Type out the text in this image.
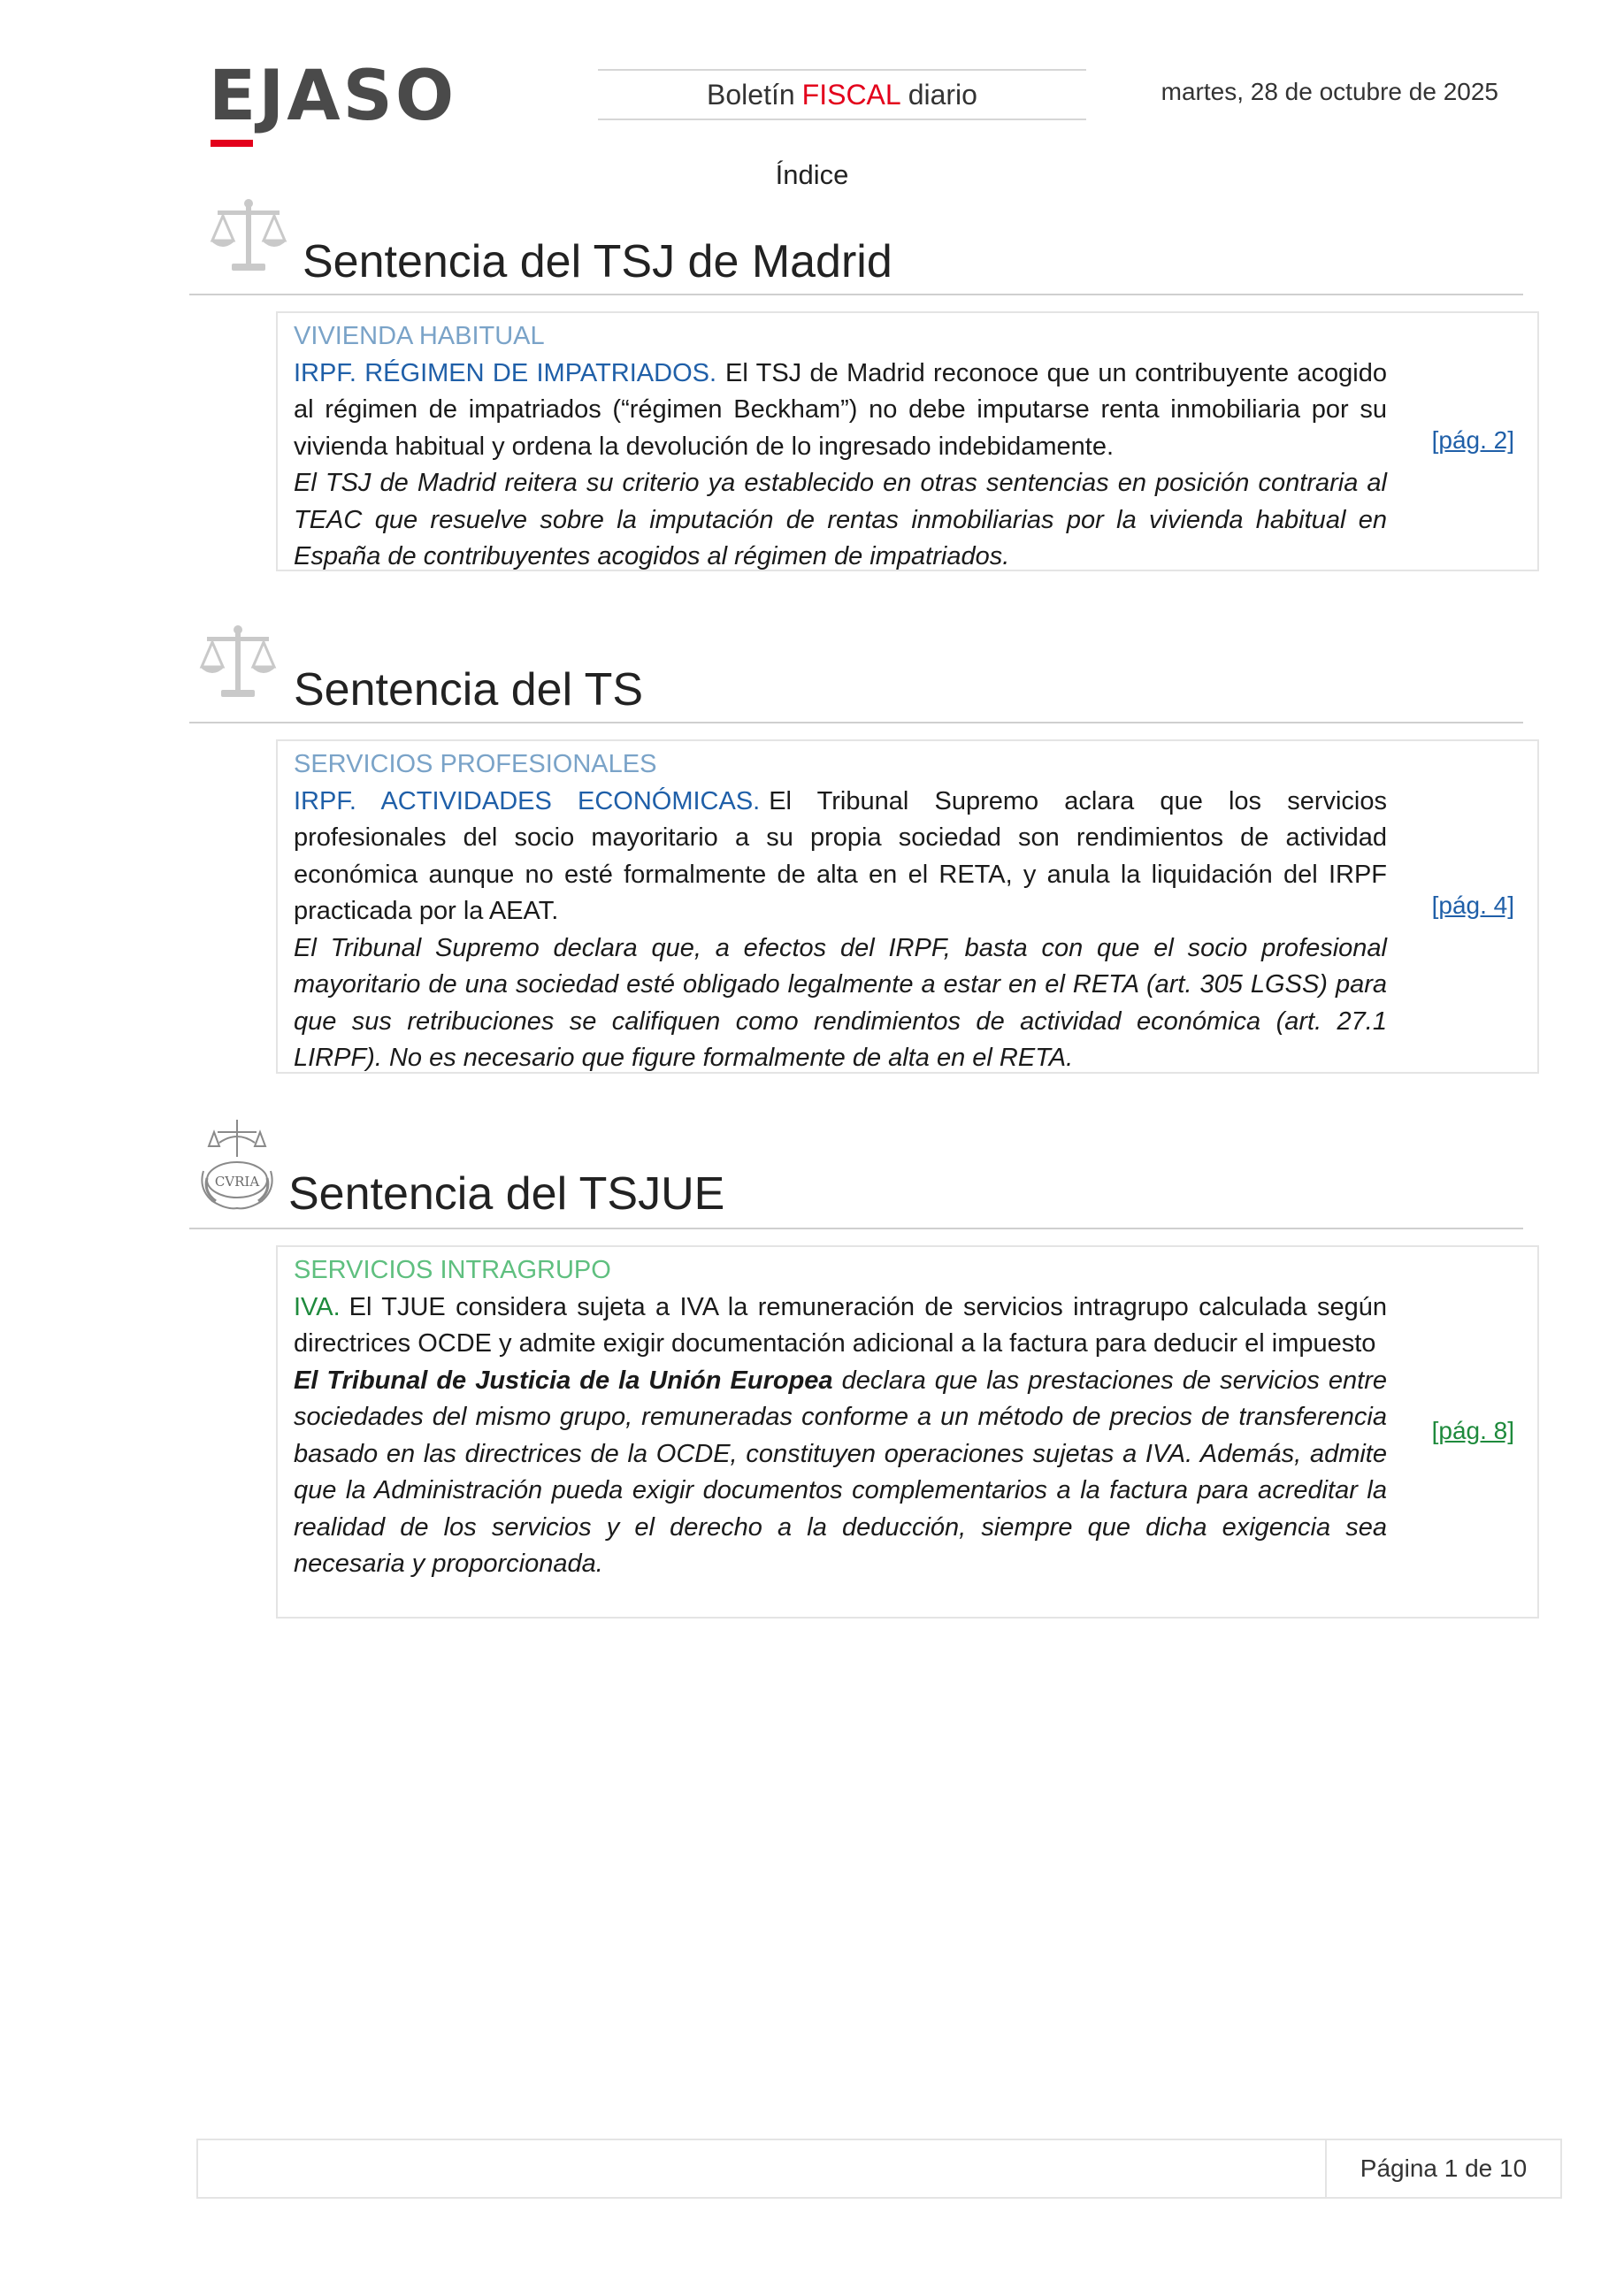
EJASO	Boletín FISCAL diario	martes, 28 de octubre de 2025
Índice
Sentencia del TSJ de Madrid
VIVIENDA HABITUAL

IRPF. RÉGIMEN DE IMPATRIADOS. El TSJ de Madrid reconoce que un contribuyente acogido al régimen de impatriados (“régimen Beckham”) no debe imputarse renta inmobiliaria por su vivienda habitual y ordena la devolución de lo ingresado indebidamente.

El TSJ de Madrid reitera su criterio ya establecido en otras sentencias en posición contraria al TEAC que resuelve sobre la imputación de rentas inmobiliarias por la vivienda habitual en España de contribuyentes acogidos al régimen de impatriados.

[pág. 2]
Sentencia del TS
SERVICIOS PROFESIONALES

IRPF. ACTIVIDADES ECONÓMICAS. El Tribunal Supremo aclara que los servicios profesionales del socio mayoritario a su propia sociedad son rendimientos de actividad económica aunque no esté formalmente de alta en el RETA, y anula la liquidación del IRPF practicada por la AEAT.

El Tribunal Supremo declara que, a efectos del IRPF, basta con que el socio profesional mayoritario de una sociedad esté obligado legalmente a estar en el RETA (art. 305 LGSS) para que sus retribuciones se califiquen como rendimientos de actividad económica (art. 27.1 LIRPF). No es necesario que figure formalmente de alta en el RETA.

[pág. 4]
CVRIA Sentencia del TSJUE
SERVICIOS INTRAGRUPO

IVA. El TJUE considera sujeta a IVA la remuneración de servicios intragrupo calculada según directrices OCDE y admite exigir documentación adicional a la factura para deducir el impuesto

El Tribunal de Justicia de la Unión Europea declara que las prestaciones de servicios entre sociedades del mismo grupo, remuneradas conforme a un método de precios de transferencia basado en las directrices de la OCDE, constituyen operaciones sujetas a IVA. Además, admite que la Administración pueda exigir documentos complementarios a la factura para acreditar la realidad de los servicios y el derecho a la deducción, siempre que dicha exigencia sea necesaria y proporcionada.

[pág. 8]
Página 1 de 10
